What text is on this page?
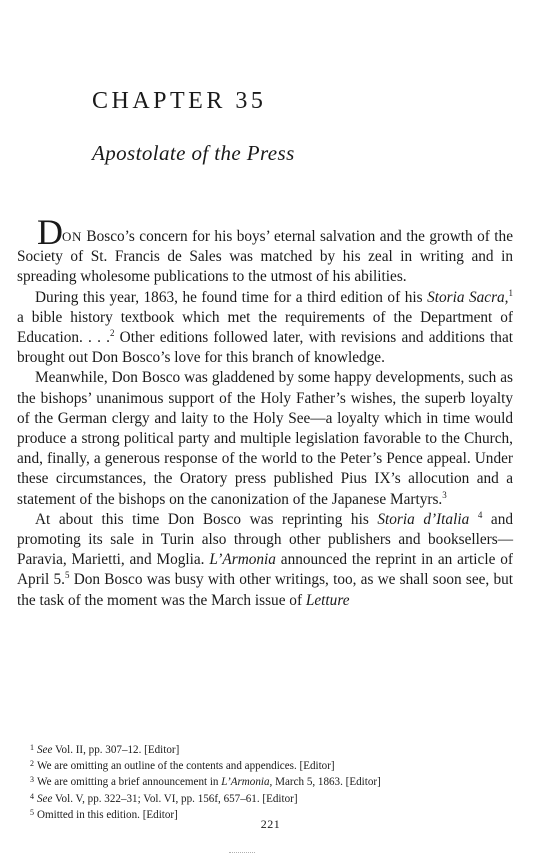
CHAPTER 35
Apostolate of the Press

DON Bosco’s concern for his boys’ eternal salvation and the growth of the Society of St. Francis de Sales was matched by his zeal in writing and in spreading wholesome publications to the utmost of his abilities.

During this year, 1863, he found time for a third edition of his Storia Sacra,$^1$ a bible history textbook which met the requirements of the Department of Education. . . .$^2$ Other editions followed later, with revisions and additions that brought out Don Bosco’s love for this branch of knowledge.

Meanwhile, Don Bosco was gladdened by some happy developments, such as the bishops’ unanimous support of the Holy Father’s wishes, the superb loyalty of the German clergy and laity to the Holy See—a loyalty which in time would produce a strong political party and multiple legislation favorable to the Church, and, finally, a generous response of the world to the Peter’s Pence appeal. Under these circumstances, the Oratory press published Pius IX’s allocution and a statement of the bishops on the canonization of the Japanese Martyrs.$^3$

At about this time Don Bosco was reprinting his Storia d’Italia $^4$ and promoting its sale in Turin also through other publishers and booksellers—Paravia, Marietti, and Moglia. L’Armonia announced the reprint in an article of April 5.$^5$ Don Bosco was busy with other writings, too, as we shall soon see, but the task of the moment was the March issue of Letture

$^1$ See Vol. II, pp. 307–12. [Editor]
$^2$ We are omitting an outline of the contents and appendices. [Editor]
$^3$ We are omitting a brief announcement in L’Armonia, March 5, 1863. [Editor]
$^4$ See Vol. V, pp. 322–31; Vol. VI, pp. 156f, 657–61. [Editor]
$^5$ Omitted in this edition. [Editor]
221
